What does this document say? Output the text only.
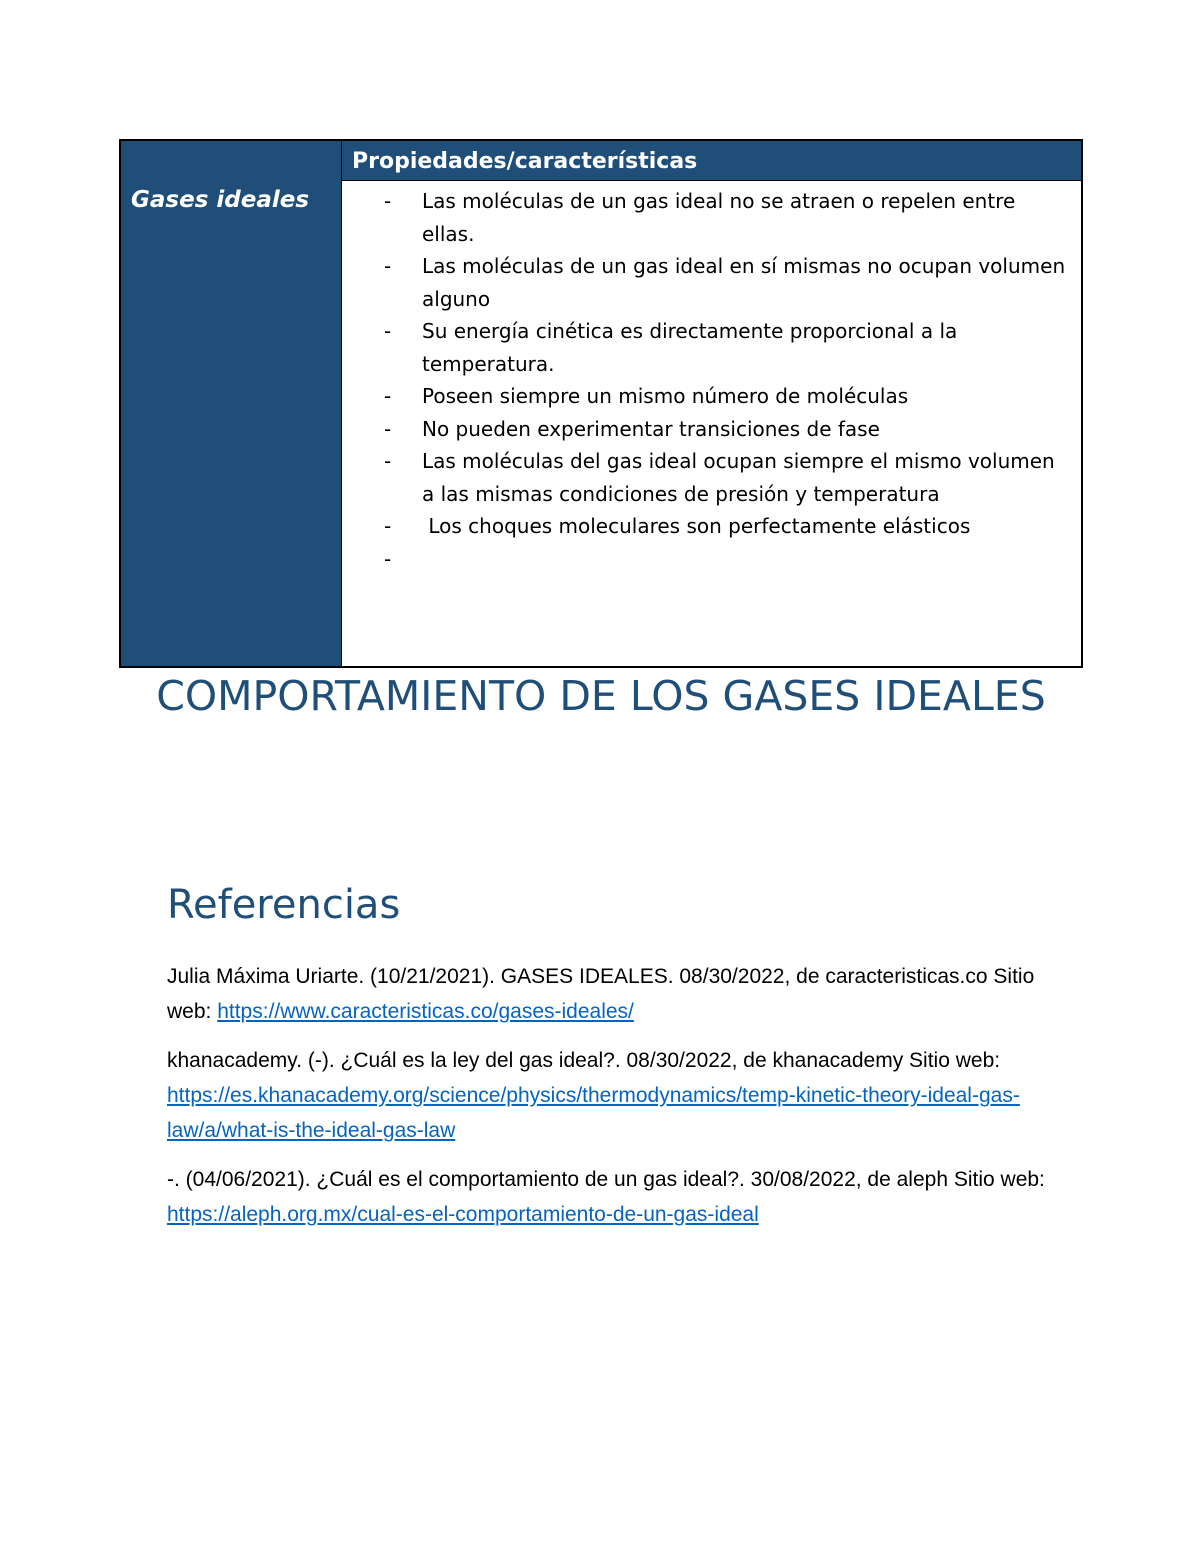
Propiedades/características
Gases ideales
-	Las moléculas de un gas ideal no se atraen o repelen entre ellas.
- Las moléculas de un gas ideal en sí mismas no ocupan volumen alguno
- Su energía cinética es directamente proporcional a la temperatura.
- Poseen siempre un mismo número de moléculas
- No pueden experimentar transiciones de fase
- Las moléculas del gas ideal ocupan siempre el mismo volumen a las mismas condiciones de presión y temperatura
-  Los choques moleculares son perfectamente elásticos
COMPORTAMIENTO DE LOS GASES IDEALES
Referencias

Julia Máxima Uriarte. (10/21/2021). GASES IDEALES. 08/30/2022, de caracteristicas.co Sitio web: https://www.caracteristicas.co/gases-ideales/

khanacademy. (-). ¿Cuál es la ley del gas ideal?. 08/30/2022, de khanacademy Sitio web: https://es.khanacademy.org/science/physics/thermodynamics/temp-kinetic-theory-ideal-gas-law/a/what-is-the-ideal-gas-law

-. (04/06/2021). ¿Cuál es el comportamiento de un gas ideal?. 30/08/2022, de aleph Sitio web: https://aleph.org.mx/cual-es-el-comportamiento-de-un-gas-ideal
